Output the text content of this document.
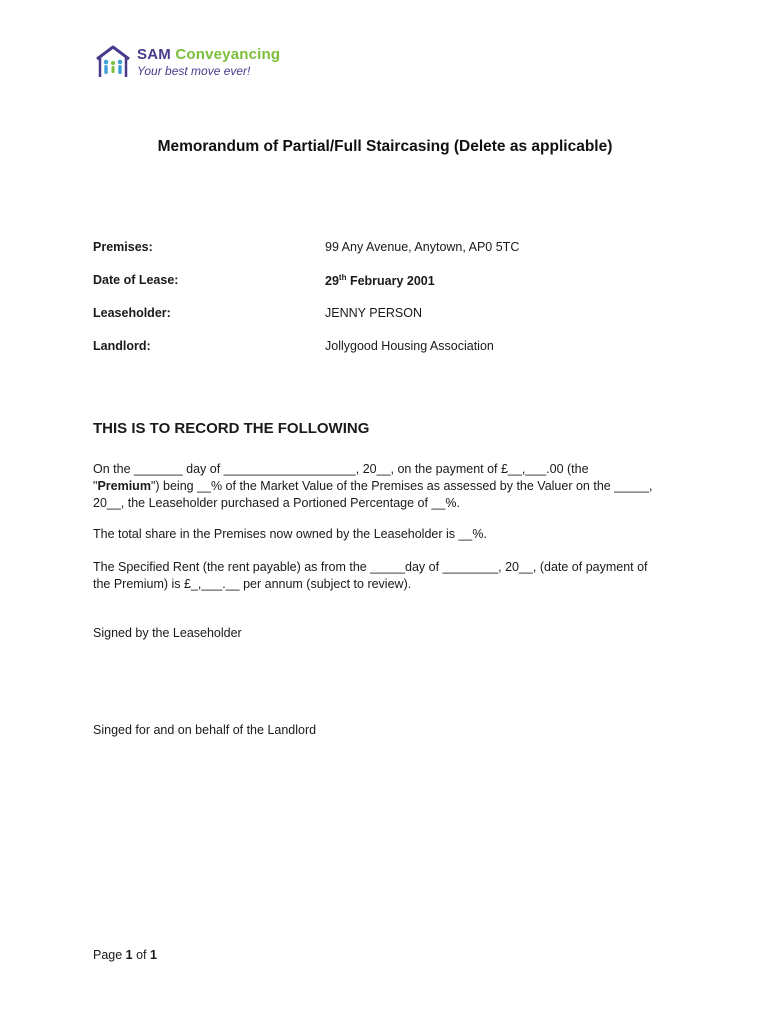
SAM Conveyancing
Your best move ever!
Memorandum of Partial/Full Staircasing (Delete as applicable)
Premises:	99 Any Avenue, Anytown, AP0 5TC
Date of Lease:	29th February 2001
Leaseholder:	JENNY PERSON
Landlord:	Jollygood Housing Association
THIS IS TO RECORD THE FOLLOWING
On the _______ day of ___________________, 20__, on the payment of £__,___.00 (the
"Premium") being __% of the Market Value of the Premises as assessed by the Valuer on the _____,
20__, the Leaseholder purchased a Portioned Percentage of __%.
The total share in the Premises now owned by the Leaseholder is __%.
The Specified Rent (the rent payable) as from the _____day of ________, 20__, (date of payment of
the Premium) is £_,___.__ per annum (subject to review).
Signed by the Leaseholder
Singed for and on behalf of the Landlord
Page 1 of 1
